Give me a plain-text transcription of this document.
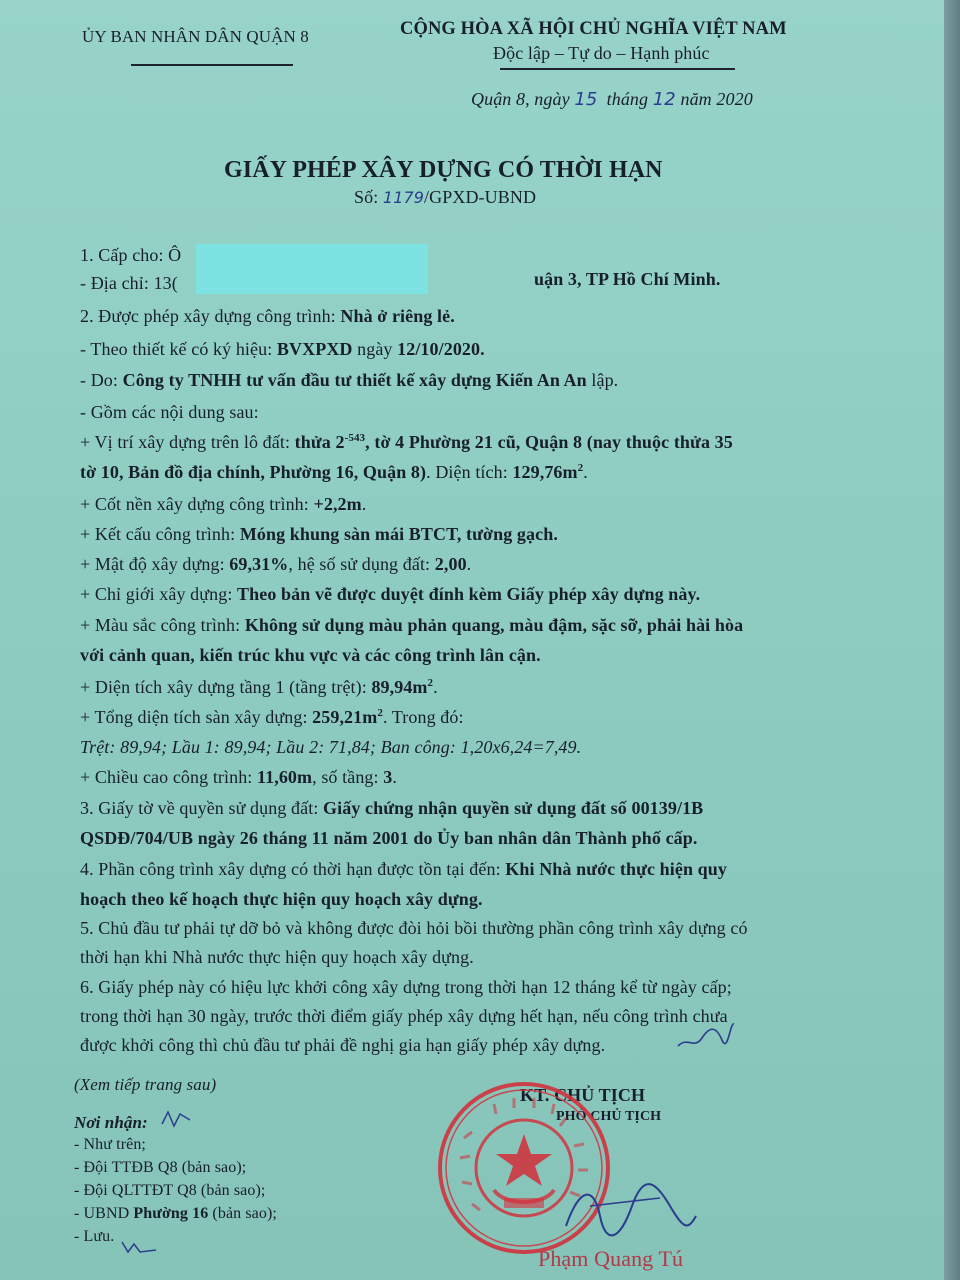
ỦY BAN NHÂN DÂN QUẬN 8	CỘNG HÒA XÃ HỘI CHỦ NGHĨA VIỆT NAM
Độc lập – Tự do – Hạnh phúc
Quận 8, ngày 15 tháng 12 năm 2020
GIẤY PHÉP XÂY DỰNG CÓ THỜI HẠN
Số: 1179/GPXD-UBND
1. Cấp cho: Ô
- Địa chỉ: 13(	uận 3, TP Hồ Chí Minh.
2. Được phép xây dựng công trình: Nhà ở riêng lẻ.
- Theo thiết kế có ký hiệu: BVXPXD ngày 12/10/2020.
- Do: Công ty TNHH tư vấn đầu tư thiết kế xây dựng Kiến An An lập.
- Gồm các nội dung sau:
+ Vị trí xây dựng trên lô đất: thửa $2^{-543}$, tờ 4 Phường 21 cũ, Quận 8 (nay thuộc thửa 35
tờ 10, Bản đồ địa chính, Phường 16, Quận 8). Diện tích: $129,76m^2$.
+ Cốt nền xây dựng công trình: +2,2m.
+ Kết cấu công trình: Móng khung sàn mái BTCT, tường gạch.
+ Mật độ xây dựng: 69,31%, hệ số sử dụng đất: 2,00.
+ Chỉ giới xây dựng: Theo bản vẽ được duyệt đính kèm Giấy phép xây dựng này.
+ Màu sắc công trình: Không sử dụng màu phản quang, màu đậm, sặc sỡ, phải hài hòa
với cảnh quan, kiến trúc khu vực và các công trình lân cận.
+ Diện tích xây dựng tầng 1 (tầng trệt): $89,94m^2$.
+ Tổng diện tích sàn xây dựng: $259,21m^2$. Trong đó:
Trệt: 89,94; Lầu 1: 89,94; Lầu 2: 71,84; Ban công: 1,20x6,24=7,49.
+ Chiều cao công trình: 11,60m, số tầng: 3.
3. Giấy tờ về quyền sử dụng đất: Giấy chứng nhận quyền sử dụng đất số 00139/1B
QSDĐ/704/UB ngày 26 tháng 11 năm 2001 do Ủy ban nhân dân Thành phố cấp.
4. Phần công trình xây dựng có thời hạn được tồn tại đến: Khi Nhà nước thực hiện quy
hoạch theo kế hoạch thực hiện quy hoạch xây dựng.
5. Chủ đầu tư phải tự dỡ bỏ và không được đòi hỏi bồi thường phần công trình xây dựng có
thời hạn khi Nhà nước thực hiện quy hoạch xây dựng.
6. Giấy phép này có hiệu lực khởi công xây dựng trong thời hạn 12 tháng kể từ ngày cấp;
trong thời hạn 30 ngày, trước thời điểm giấy phép xây dựng hết hạn, nếu công trình chưa
được khởi công thì chủ đầu tư phải đề nghị gia hạn giấy phép xây dựng.
(Xem tiếp trang sau)
Nơi nhận:
- Như trên;
- Đội TTĐB Q8 (bản sao);
- Đội QLTTĐT Q8 (bản sao);
- UBND Phường 16 (bản sao);
- Lưu.
KT. CHỦ TỊCH
PHÓ CHỦ TỊCH
Phạm Quang Tú
